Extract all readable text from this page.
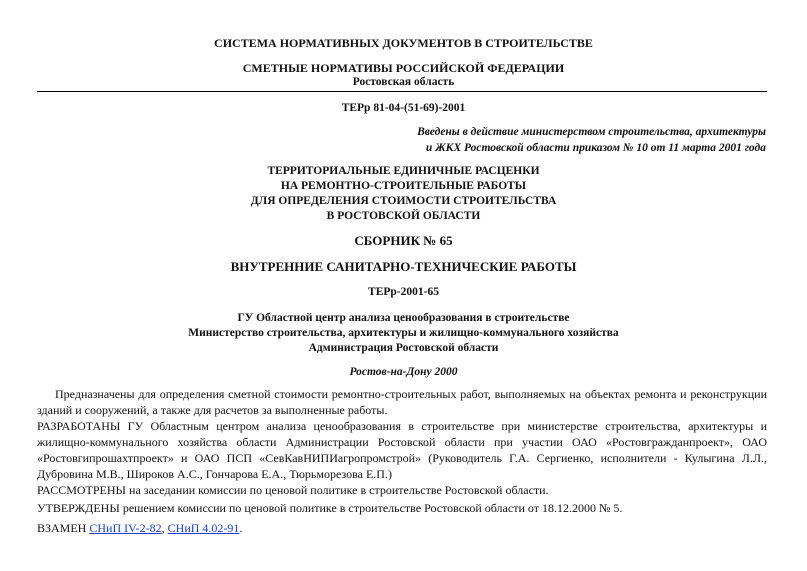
СИСТЕМА НОРМАТИВНЫХ ДОКУМЕНТОВ В СТРОИТЕЛЬСТВЕ
СМЕТНЫЕ НОРМАТИВЫ РОССИЙСКОЙ ФЕДЕРАЦИИ
Ростовская область
ТЕРр 81-04-(51-69)-2001
Введены в действие министерством строительства, архитектуры
и ЖКХ Ростовской области приказом № 10 от 11 марта 2001 года
ТЕРРИТОРИАЛЬНЫЕ ЕДИНИЧНЫЕ РАСЦЕНКИ
НА РЕМОНТНО-СТРОИТЕЛЬНЫЕ РАБОТЫ
ДЛЯ ОПРЕДЕЛЕНИЯ СТОИМОСТИ СТРОИТЕЛЬСТВА
В РОСТОВСКОЙ ОБЛАСТИ
СБОРНИК № 65
ВНУТРЕННИЕ САНИТАРНО-ТЕХНИЧЕСКИЕ РАБОТЫ
ТЕРр-2001-65
ГУ Областной центр анализа ценообразования в строительстве
Министерство строительства, архитектуры и жилищно-коммунального хозяйства
Администрация Ростовской области
Ростов-на-Дону 2000
Предназначены для определения сметной стоимости ремонтно-строительных работ, выполняемых на объектах ремонта и реконструкции зданий и сооружений, а также для расчетов за выполненные работы.
РАЗРАБОТАНЫ ГУ Областным центром анализа ценообразования в строительстве при министерстве строительства, архитектуры и жилищно-коммунального хозяйства области Администрации Ростовской области при участии ОАО «Ростовгражданпроект», ОАО «Ростовгипрошахтпроект» и ОАО ПСП «СевКавНИПИагропромстрой» (Руководитель Г.А. Сергиенко, исполнители - Кулыгина Л.Л., Дубровина М.В., Широков А.С., Гончарова Е.А., Тюрьморезова Е.П.)
РАССМОТРЕНЫ на заседании комиссии по ценовой политике в строительстве Ростовской области.
УТВЕРЖДЕНЫ решением комиссии по ценовой политике в строительстве Ростовской области от 18.12.2000 № 5.
ВЗАМЕН СНиП IV-2-82, СНиП 4.02-91.
